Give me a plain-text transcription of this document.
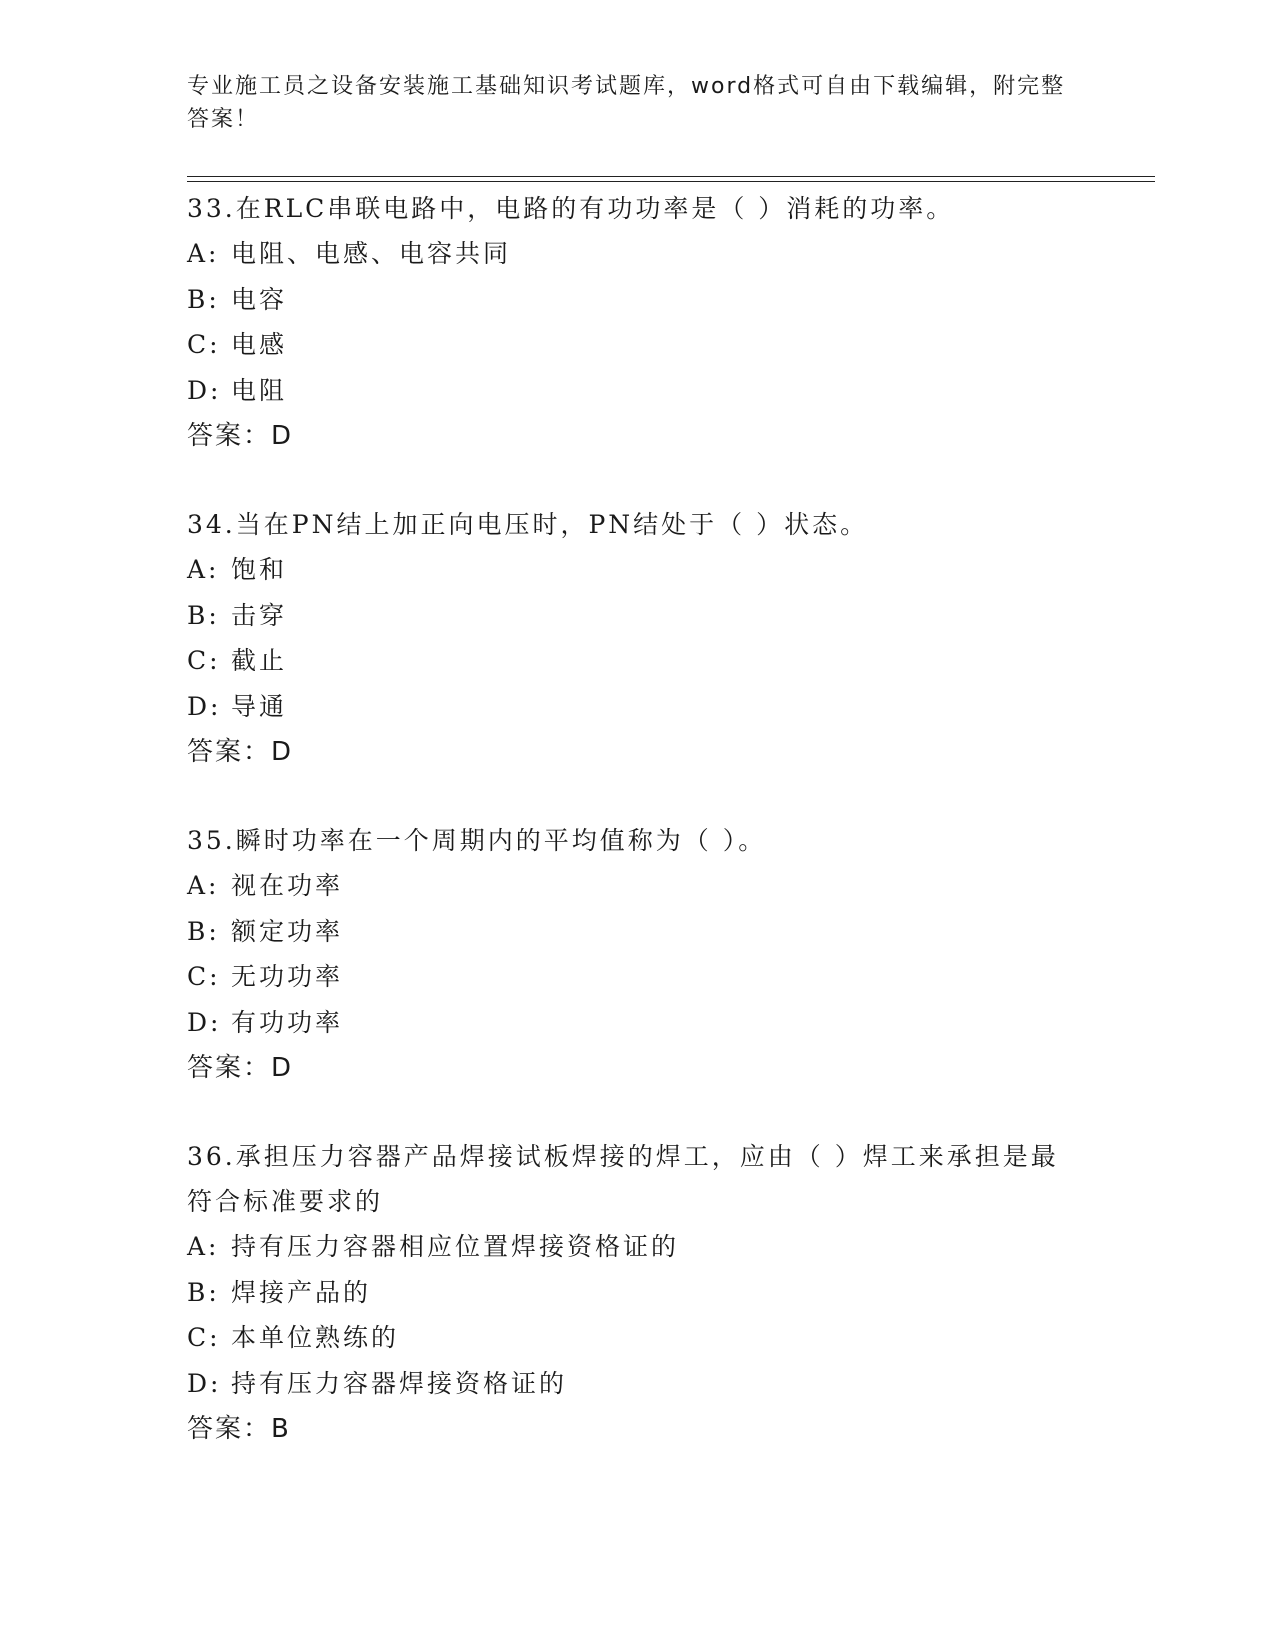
专业施工员之设备安装施工基础知识考试题库，word格式可自由下载编辑，附完整答案！

33.在RLC串联电路中，电路的有功功率是（ ）消耗的功率。

A: 电阻、电感、电容共同

B: 电容

C: 电感

D: 电阻

答案：D

34.当在PN结上加正向电压时，PN结处于（ ）状态。

A: 饱和

B: 击穿

C: 截止

D: 导通

答案：D

35.瞬时功率在一个周期内的平均值称为（ ）。

A: 视在功率

B: 额定功率

C: 无功功率

D: 有功功率

答案：D

36.承担压力容器产品焊接试板焊接的焊工，应由（ ）焊工来承担是最符合标准要求的

A: 持有压力容器相应位置焊接资格证的

B: 焊接产品的

C: 本单位熟练的

D: 持有压力容器焊接资格证的

答案：B
